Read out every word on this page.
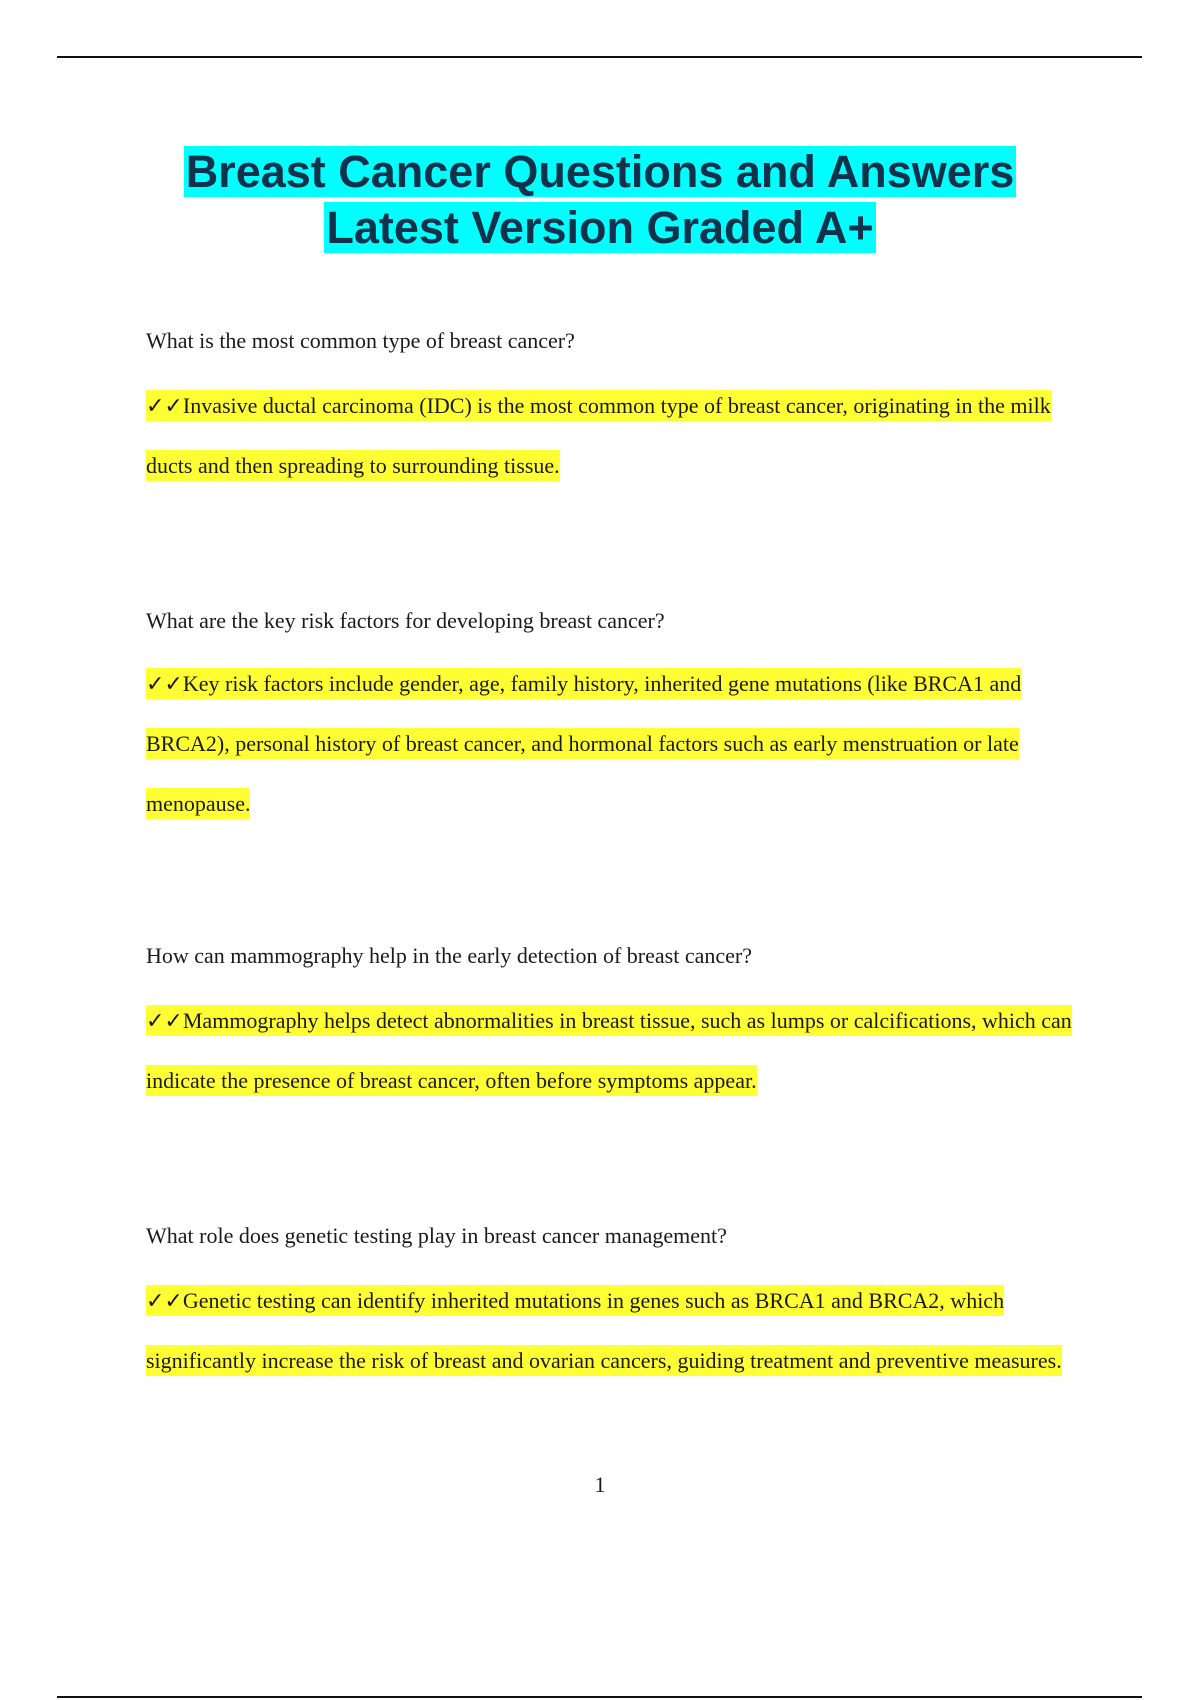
Breast Cancer Questions and Answers
Latest Version Graded A+

What is the most common type of breast cancer?

✓✓Invasive ductal carcinoma (IDC) is the most common type of breast cancer, originating in the milk ducts and then spreading to surrounding tissue.

What are the key risk factors for developing breast cancer?

✓✓Key risk factors include gender, age, family history, inherited gene mutations (like BRCA1 and BRCA2), personal history of breast cancer, and hormonal factors such as early menstruation or late menopause.

How can mammography help in the early detection of breast cancer?

✓✓Mammography helps detect abnormalities in breast tissue, such as lumps or calcifications, which can indicate the presence of breast cancer, often before symptoms appear.

What role does genetic testing play in breast cancer management?

✓✓Genetic testing can identify inherited mutations in genes such as BRCA1 and BRCA2, which significantly increase the risk of breast and ovarian cancers, guiding treatment and preventive measures.

1
